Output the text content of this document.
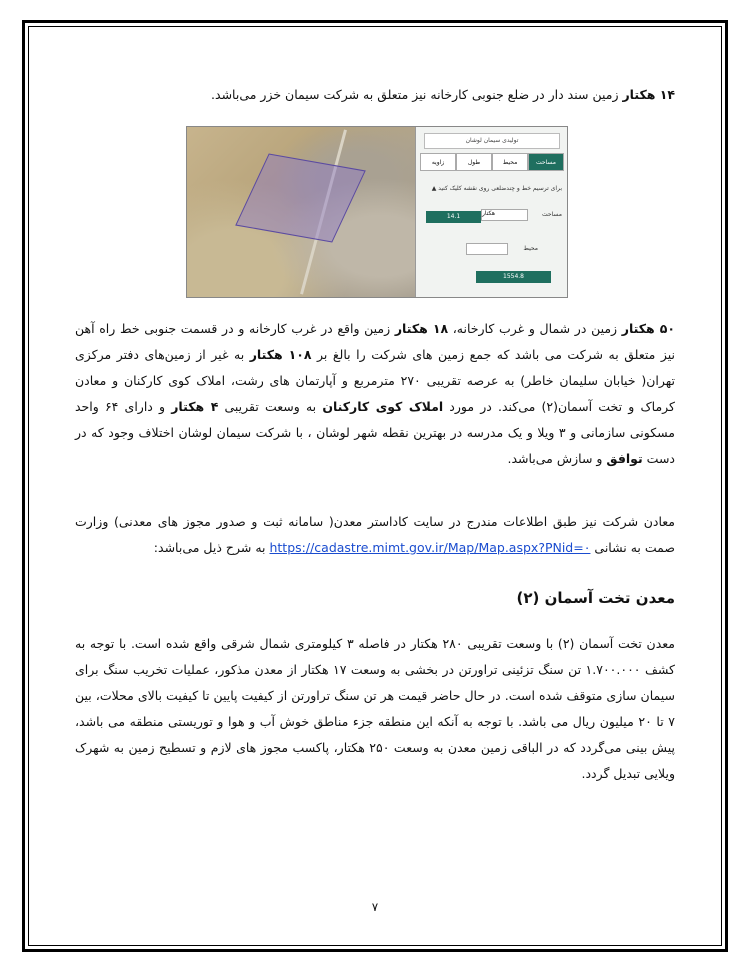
۱۴ هکتار زمین سند دار در ضلع جنوبی کارخانه نیز متعلق به شرکت سیمان خزر می‌باشد.

تولیدی سیمان لوشان
مساحت
محیط
طول
زاویه
▲ برای ترسیم خط و چندضلعی روی نقشه کلیک کنید
مساحت
هکتار
14.1
محیط
1554.8

۵۰ هکتار زمین در شمال و غرب کارخانه، ۱۸ هکتار زمین واقع در غرب کارخانه و در قسمت جنوبی خط راه آهن نیز متعلق به شرکت می باشد که جمع زمین های شرکت را بالغ بر ۱۰۸ هکتار به غیر از زمین‌های دفتر مرکزی تهران( خیابان سلیمان خاطر) به عرصه تقریبی ۲۷۰ مترمربع و آپارتمان های رشت، املاک کوی کارکنان و معادن کرماک و تخت آسمان(۲) می‌کند. در مورد املاک کوی کارکنان به وسعت تقریبی ۴ هکتار و دارای ۶۴ واحد مسکونی سازمانی و ۳ ویلا و یک مدرسه در بهترین نقطه شهر لوشان ، با شرکت سیمان لوشان اختلاف وجود که در دست توافق و سازش می‌باشد.

معادن شرکت نیز طبق اطلاعات مندرج در سایت کاداستر معدن( سامانه ثبت و صدور مجوز های معدنی) وزارت صمت به نشانی https://cadastre.mimt.gov.ir/Map/Map.aspx?PNid=۰ به شرح ذیل می‌باشد:

معدن تخت آسمان (۲)

معدن تخت آسمان (۲) با وسعت تقریبی ۲۸۰ هکتار در فاصله ۳ کیلومتری شمال شرقی واقع شده است. با توجه به کشف ۱.۷۰۰.۰۰۰ تن سنگ تزئینی تراورتن در بخشی به وسعت ۱۷ هکتار از معدن مذکور، عملیات تخریب سنگ برای سیمان سازی متوقف شده است. در حال حاضر قیمت هر تن سنگ تراورتن از کیفیت پایین تا کیفیت بالای محلات، بین ۷ تا ۲۰ میلیون ریال می باشد. با توجه به آنکه این منطقه جزء مناطق خوش آب و هوا و توریستی منطقه می باشد، پیش بینی می‌گردد که در الباقی زمین معدن به وسعت ۲۵۰ هکتار، پاکسب مجوز های لازم و تسطیح زمین به شهرک ویلایی تبدیل گردد.

۷
